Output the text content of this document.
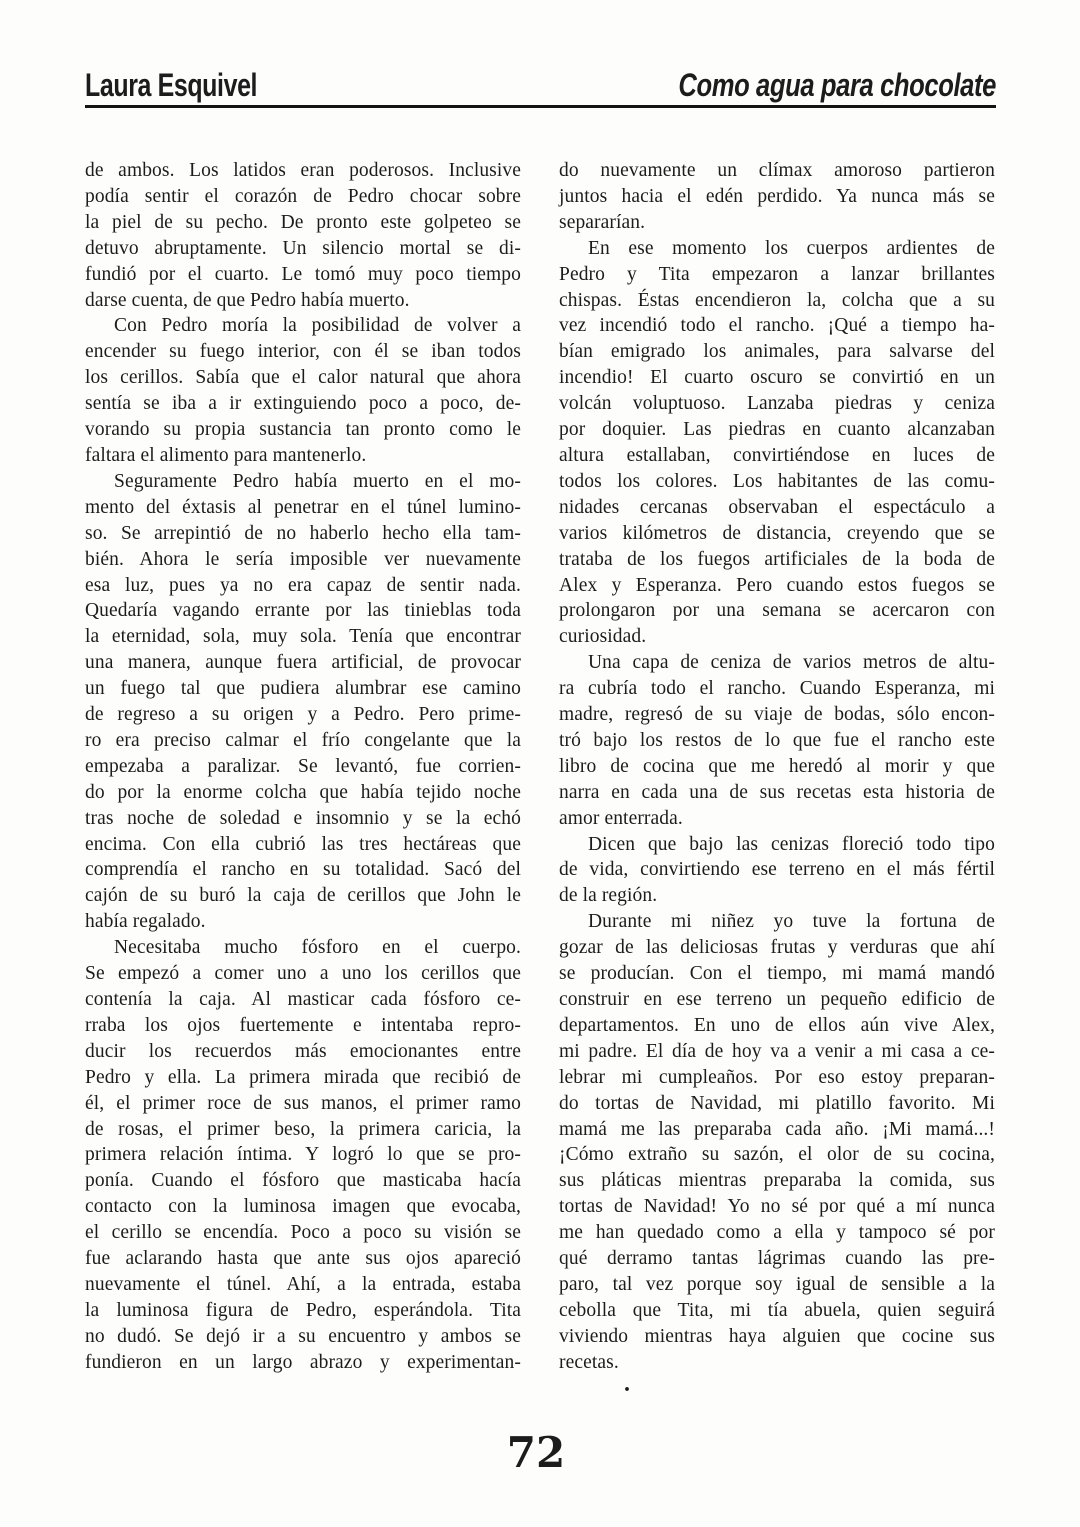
Laura Esquivel	Como agua para chocolate
de ambos. Los latidos eran poderosos. Inclusive
podía sentir el corazón de Pedro chocar sobre
la piel de su pecho. De pronto este golpeteo se
detuvo abruptamente. Un silencio mortal se di-
fundió por el cuarto. Le tomó muy poco tiempo
darse cuenta, de que Pedro había muerto.
Con Pedro moría la posibilidad de volver a
encender su fuego interior, con él se iban todos
los cerillos. Sabía que el calor natural que ahora
sentía se iba a ir extinguiendo poco a poco, de-
vorando su propia sustancia tan pronto como le
faltara el alimento para mantenerlo.
Seguramente Pedro había muerto en el mo-
mento del éxtasis al penetrar en el túnel lumino-
so. Se arrepintió de no haberlo hecho ella tam-
bién. Ahora le sería imposible ver nuevamente
esa luz, pues ya no era capaz de sentir nada.
Quedaría vagando errante por las tinieblas toda
la eternidad, sola, muy sola. Tenía que encontrar
una manera, aunque fuera artificial, de provocar
un fuego tal que pudiera alumbrar ese camino
de regreso a su origen y a Pedro. Pero prime-
ro era preciso calmar el frío congelante que la
empezaba a paralizar. Se levantó, fue corrien-
do por la enorme colcha que había tejido noche
tras noche de soledad e insomnio y se la echó
encima. Con ella cubrió las tres hectáreas que
comprendía el rancho en su totalidad. Sacó del
cajón de su buró la caja de cerillos que John le
había regalado.
Necesitaba mucho fósforo en el cuerpo.
Se empezó a comer uno a uno los cerillos que
contenía la caja. Al masticar cada fósforo ce-
rraba los ojos fuertemente e intentaba repro-
ducir los recuerdos más emocionantes entre
Pedro y ella. La primera mirada que recibió de
él, el primer roce de sus manos, el primer ramo
de rosas, el primer beso, la primera caricia, la
primera relación íntima. Y logró lo que se pro-
ponía. Cuando el fósforo que masticaba hacía
contacto con la luminosa imagen que evocaba,
el cerillo se encendía. Poco a poco su visión se
fue aclarando hasta que ante sus ojos apareció
nuevamente el túnel. Ahí, a la entrada, estaba
la luminosa figura de Pedro, esperándola. Tita
no dudó. Se dejó ir a su encuentro y ambos se
fundieron en un largo abrazo y experimentan-
do nuevamente un clímax amoroso partieron
juntos hacia el edén perdido. Ya nunca más se
separarían.
En ese momento los cuerpos ardientes de
Pedro y Tita empezaron a lanzar brillantes
chispas. Éstas encendieron la, colcha que a su
vez incendió todo el rancho. ¡Qué a tiempo ha-
bían emigrado los animales, para salvarse del
incendio! El cuarto oscuro se convirtió en un
volcán voluptuoso. Lanzaba piedras y ceniza
por doquier. Las piedras en cuanto alcanzaban
altura estallaban, convirtiéndose en luces de
todos los colores. Los habitantes de las comu-
nidades cercanas observaban el espectáculo a
varios kilómetros de distancia, creyendo que se
trataba de los fuegos artificiales de la boda de
Alex y Esperanza. Pero cuando estos fuegos se
prolongaron por una semana se acercaron con
curiosidad.
Una capa de ceniza de varios metros de altu-
ra cubría todo el rancho. Cuando Esperanza, mi
madre, regresó de su viaje de bodas, sólo encon-
tró bajo los restos de lo que fue el rancho este
libro de cocina que me heredó al morir y que
narra en cada una de sus recetas esta historia de
amor enterrada.
Dicen que bajo las cenizas floreció todo tipo
de vida, convirtiendo ese terreno en el más fértil
de la región.
Durante mi niñez yo tuve la fortuna de
gozar de las deliciosas frutas y verduras que ahí
se producían. Con el tiempo, mi mamá mandó
construir en ese terreno un pequeño edificio de
departamentos. En uno de ellos aún vive Alex,
mi padre. El día de hoy va a venir a mi casa a ce-
lebrar mi cumpleaños. Por eso estoy preparan-
do tortas de Navidad, mi platillo favorito. Mi
mamá me las preparaba cada año. ¡Mi mamá...!
¡Cómo extraño su sazón, el olor de su cocina,
sus pláticas mientras preparaba la comida, sus
tortas de Navidad! Yo no sé por qué a mí nunca
me han quedado como a ella y tampoco sé por
qué derramo tantas lágrimas cuando las pre-
paro, tal vez porque soy igual de sensible a la
cebolla que Tita, mi tía abuela, quien seguirá
viviendo mientras haya alguien que cocine sus
recetas.
.
72
